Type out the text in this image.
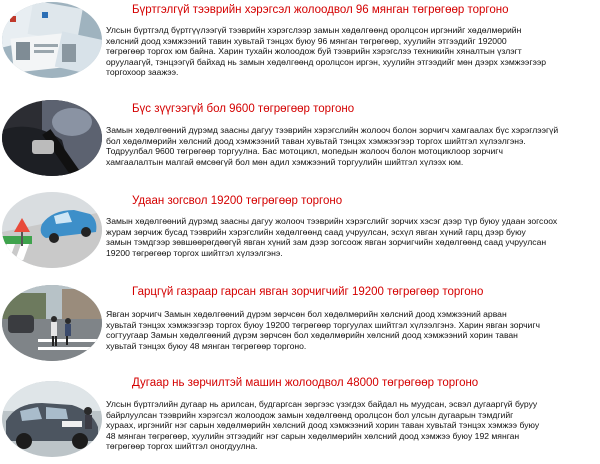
Бүртгэлгүй тээврийн хэрэгсэл жолоодвол 96 мянган төгрөгөөр торгоно

Улсын бүртгэлд бүртгүүлээгүй тээврийн хэрэгслээр замын хөдөлгөөнд оролцсон иргэнийг хөдөлмөрийн
хөлсний доод хэмжээний тавин хувьтай тэнцэх буюу 96 мянган төгрөгөөр, хуулийн этгээдийг 192000
төгрөгөөр торгох юм байна. Харин тухайн жолоодож буй тээврийн хэрэгслээ техникийн хяналтын үзлэгт
оруулаагүй, тэнцээгүй байхад нь замын хөдөлгөөнд оролцсон иргэн, хуулийн этгээдийг мөн дээрх хэмжээгээр
торгохоор заажээ.

Бүс зүүгээгүй бол 9600 төгрөгөөр торгоно

Замын хөдөлгөөний дүрэмд заасны дагуу тээврийн хэрэгслийн жолооч болон зорчигч хамгаалах бүс хэрэглээгүй
бол хөдөлмөрийн хөлсний доод хэмжээний таван хувьтай тэнцэх хэмжээгээр торгох шийтгэл хүлээлгэнэ.
Тодруулбал 9600 төгрөгөөр торгуулна. Бас мотоцикл, мопедын жолооч болон мотоциклоор зорчигч
хамгаалалтын малгай өмсөөгүй бол мөн адил хэмжээний торгуулийн шийтгэл хүлээх юм.

Удаан зогсвол 19200 төгрөгөөр торгоно

Замын хөдөлгөөний дүрэмд заасны дагуу жолооч тээврийн хэрэгслийг зорчих хэсэг дээр түр буюу удаан зогсоох
журам зөрчиж бусад тээврийн хэрэгслийн хөдөлгөөнд саад учруулсан, эсхүл явган хүний гарц дээр буюу
замын тэмдгээр зөвшөөрөгдөөгүй явган хүний зам дээр зогсоож явган зорчигчийн хөдөлгөөнд саад учруулсан
19200 төгрөгөөр торгох шийтгэл хүлээлгэнэ.

Гарцгүй газраар гарсан явган зорчигчийг 19200 төгрөгөөр торгоно

Явган зорчигч Замын хөдөлгөөний дүрэм зөрчсөн бол хөдөлмөрийн хөлсний доод хэмжээний арван
хувьтай тэнцэх хэмжээгээр торгох буюу 19200 төгрөгөөр торгуулах шийтгэл хүлээлгэнэ. Харин явган зорчигч
согтуугаар Замын хөдөлгөөний дүрэм зөрчсөн бол хөдөлмөрийн хөлсний доод хэмжээний хорин таван
хувьтай тэнцэх буюу 48 мянган төгрөгөөр торгоно.

Дугаар нь зөрчилтэй машин жолоодвол 48000 төгрөгөөр торгоно

Улсын бүртгэлийн дугаар нь арилсан, будгаргсан зөргээс үзэгдэх байдал нь муудсан, эсвэл дугааргүй буруу
байрлуулсан тээврийн хэрэгсэл жолоодож замын хөдөлгөөнд оролцсон бол улсын дугаарын тэмдгийг
хураах, иргэнийг нэг сарын хөдөлмөрийн хөлсний доод хэмжээний хорин таван хувьтай тэнцэх хэмжээ буюу
48 мянган төгрөгөөр, хуулийн этгээдийг нэг сарын хөдөлмөрийн хөлсний доод хэмжээ буюу 192 мянган
төгрөгөөр торгох шийтгэл оногдуулна.
